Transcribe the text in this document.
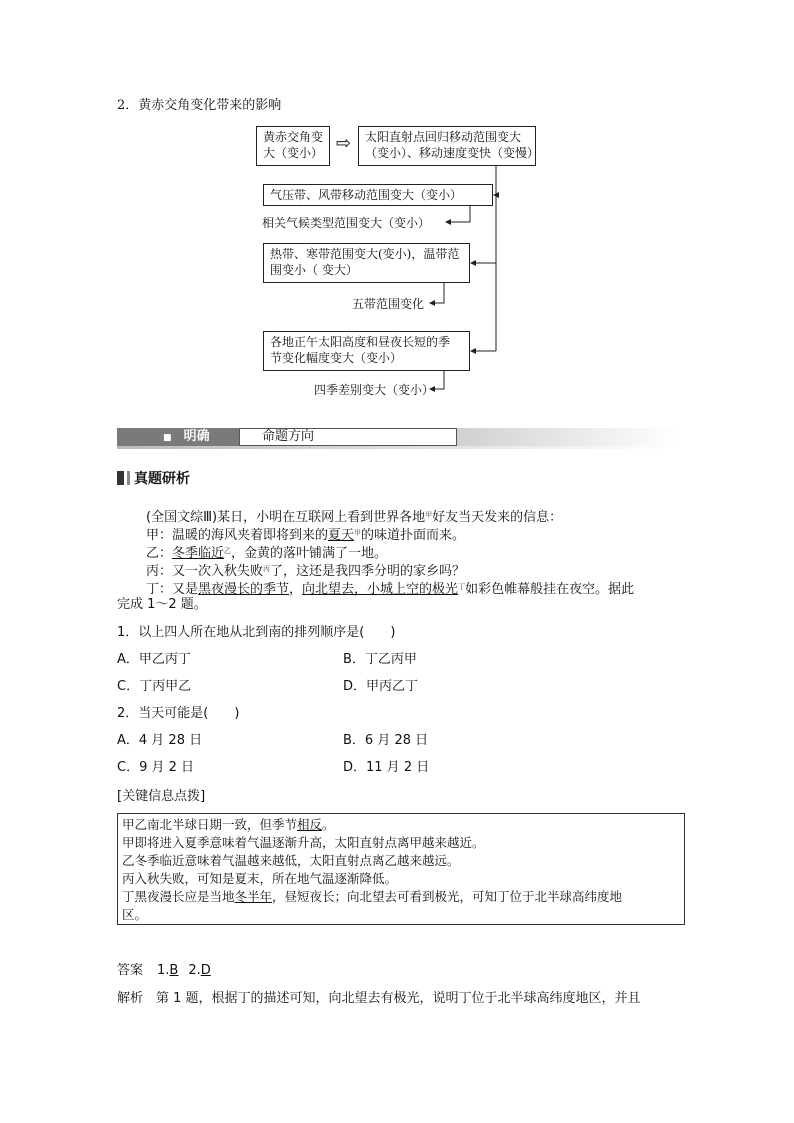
2．黄赤交角变化带来的影响
黄赤交角变
大（变小） ⇨ 太阳直射点回归移动范围变大
（变小）、移动速度变快（变慢）
气压带、风带移动范围变大（变小）
相关气候类型范围变大（变小）
热带、寒带范围变大(变小)，温带范
围变小（ 变大）
五带范围变化
各地正午太阳高度和昼夜长短的季
节变化幅度变大（变小）
四季差别变大（变小）
■ 明确	命题方向
真题研析
(全国文综Ⅲ)某日，小明在互联网上看到世界各地$^甲$好友当天发来的信息：
甲：温暖的海风夹着即将到来的夏天$^甲$的味道扑面而来。
乙：冬季临近$^乙$，金黄的落叶铺满了一地。
丙：又一次入秋失败$^丙$了，这还是我四季分明的家乡吗？
丁：又是黑夜漫长的季节，向北望去，小城上空的极光$^丁$如彩色帷幕般挂在夜空。据此
完成 1～2 题。
1．以上四人所在地从北到南的排列顺序是(　　)
A．甲乙丙丁	B．丁乙丙甲
C．丁丙甲乙	D．甲丙乙丁
2．当天可能是(　　)
A．4 月 28 日	B．6 月 28 日
C．9 月 2 日	D．11 月 2 日
[关键信息点拨]
甲乙南北半球日期一致，但季节相反。
甲即将进入夏季意味着气温逐渐升高，太阳直射点离甲越来越近。
乙冬季临近意味着气温越来越低，太阳直射点离乙越来越远。
丙入秋失败，可知是夏末，所在地气温逐渐降低。
丁黑夜漫长应是当地冬半年，昼短夜长；向北望去可看到极光，可知丁位于北半球高纬度地
区。
答案 1.B 2.D
解析　第 1 题，根据丁的描述可知，向北望去有极光，说明丁位于北半球高纬度地区，并且
